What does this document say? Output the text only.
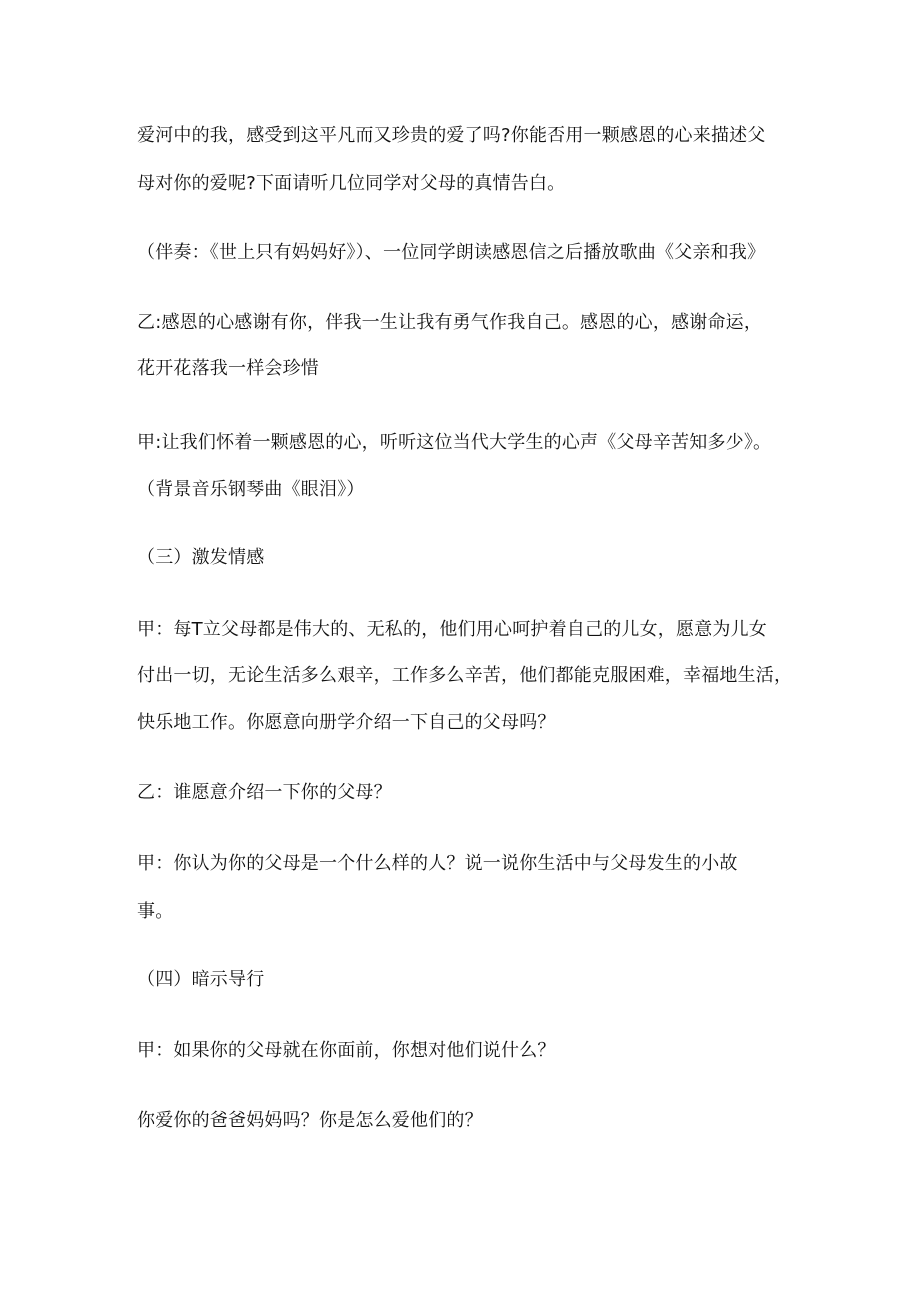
爱河中的我，感受到这平凡而又珍贵的爱了吗?你能否用一颗感恩的心来描述父
母对你的爱呢?下面请听几位同学对父母的真情告白。
（伴奏：《世上只有妈妈好》）、一位同学朗读感恩信之后播放歌曲《父亲和我》
乙:感恩的心感谢有你，伴我一生让我有勇气作我自己。感恩的心，感谢命运，
花开花落我一样会珍惜
甲:让我们怀着一颗感恩的心，听听这位当代大学生的心声《父母辛苦知多少》。
（背景音乐钢琴曲《眼泪》）
（三）激发情感
甲：每T立父母都是伟大的、无私的，他们用心呵护着自己的儿女，愿意为儿女
付出一切，无论生活多么艰辛，工作多么辛苦，他们都能克服困难，幸福地生活，
快乐地工作。你愿意向册学介绍一下自己的父母吗？
乙：谁愿意介绍一下你的父母？
甲：你认为你的父母是一个什么样的人？说一说你生活中与父母发生的小故
事。
（四）暗示导行
甲：如果你的父母就在你面前，你想对他们说什么？
你爱你的爸爸妈妈吗？你是怎么爱他们的？
